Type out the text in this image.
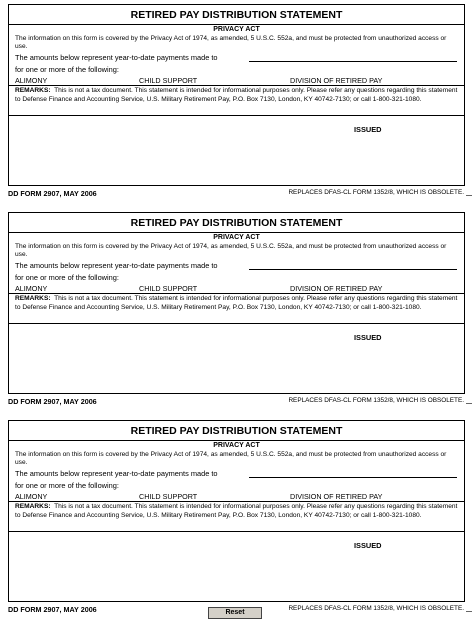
RETIRED PAY DISTRIBUTION STATEMENT
PRIVACY ACT
The information on this form is covered by the Privacy Act of 1974, as amended, 5 U.S.C. 552a, and must be protected from unauthorized access or use.
The amounts below represent year-to-date payments made to
for one or more of the following:
ALIMONY	CHILD SUPPORT	DIVISION OF RETIRED PAY
REMARKS: This is not a tax document. This statement is intended for informational purposes only. Please refer any questions regarding this statement to Defense Finance and Accounting Service, U.S. Military Retirement Pay, P.O. Box 7130, London, KY 40742-7130; or call 1-800-321-1080.
ISSUED
DD FORM 2907, MAY 2006	REPLACES DFAS-CL FORM 1352/8, WHICH IS OBSOLETE.
RETIRED PAY DISTRIBUTION STATEMENT
PRIVACY ACT
The information on this form is covered by the Privacy Act of 1974, as amended, 5 U.S.C. 552a, and must be protected from unauthorized access or use.
The amounts below represent year-to-date payments made to
for one or more of the following:
ALIMONY	CHILD SUPPORT	DIVISION OF RETIRED PAY
REMARKS: This is not a tax document. This statement is intended for informational purposes only. Please refer any questions regarding this statement to Defense Finance and Accounting Service, U.S. Military Retirement Pay, P.O. Box 7130, London, KY 40742-7130; or call 1-800-321-1080.
ISSUED
DD FORM 2907, MAY 2006	REPLACES DFAS-CL FORM 1352/8, WHICH IS OBSOLETE.
RETIRED PAY DISTRIBUTION STATEMENT
PRIVACY ACT
The information on this form is covered by the Privacy Act of 1974, as amended, 5 U.S.C. 552a, and must be protected from unauthorized access or use.
The amounts below represent year-to-date payments made to
for one or more of the following:
ALIMONY	CHILD SUPPORT	DIVISION OF RETIRED PAY
REMARKS: This is not a tax document. This statement is intended for informational purposes only. Please refer any questions regarding this statement to Defense Finance and Accounting Service, U.S. Military Retirement Pay, P.O. Box 7130, London, KY 40742-7130; or call 1-800-321-1080.
ISSUED
DD FORM 2907, MAY 2006	REPLACES DFAS-CL FORM 1352/8, WHICH IS OBSOLETE.
Reset
